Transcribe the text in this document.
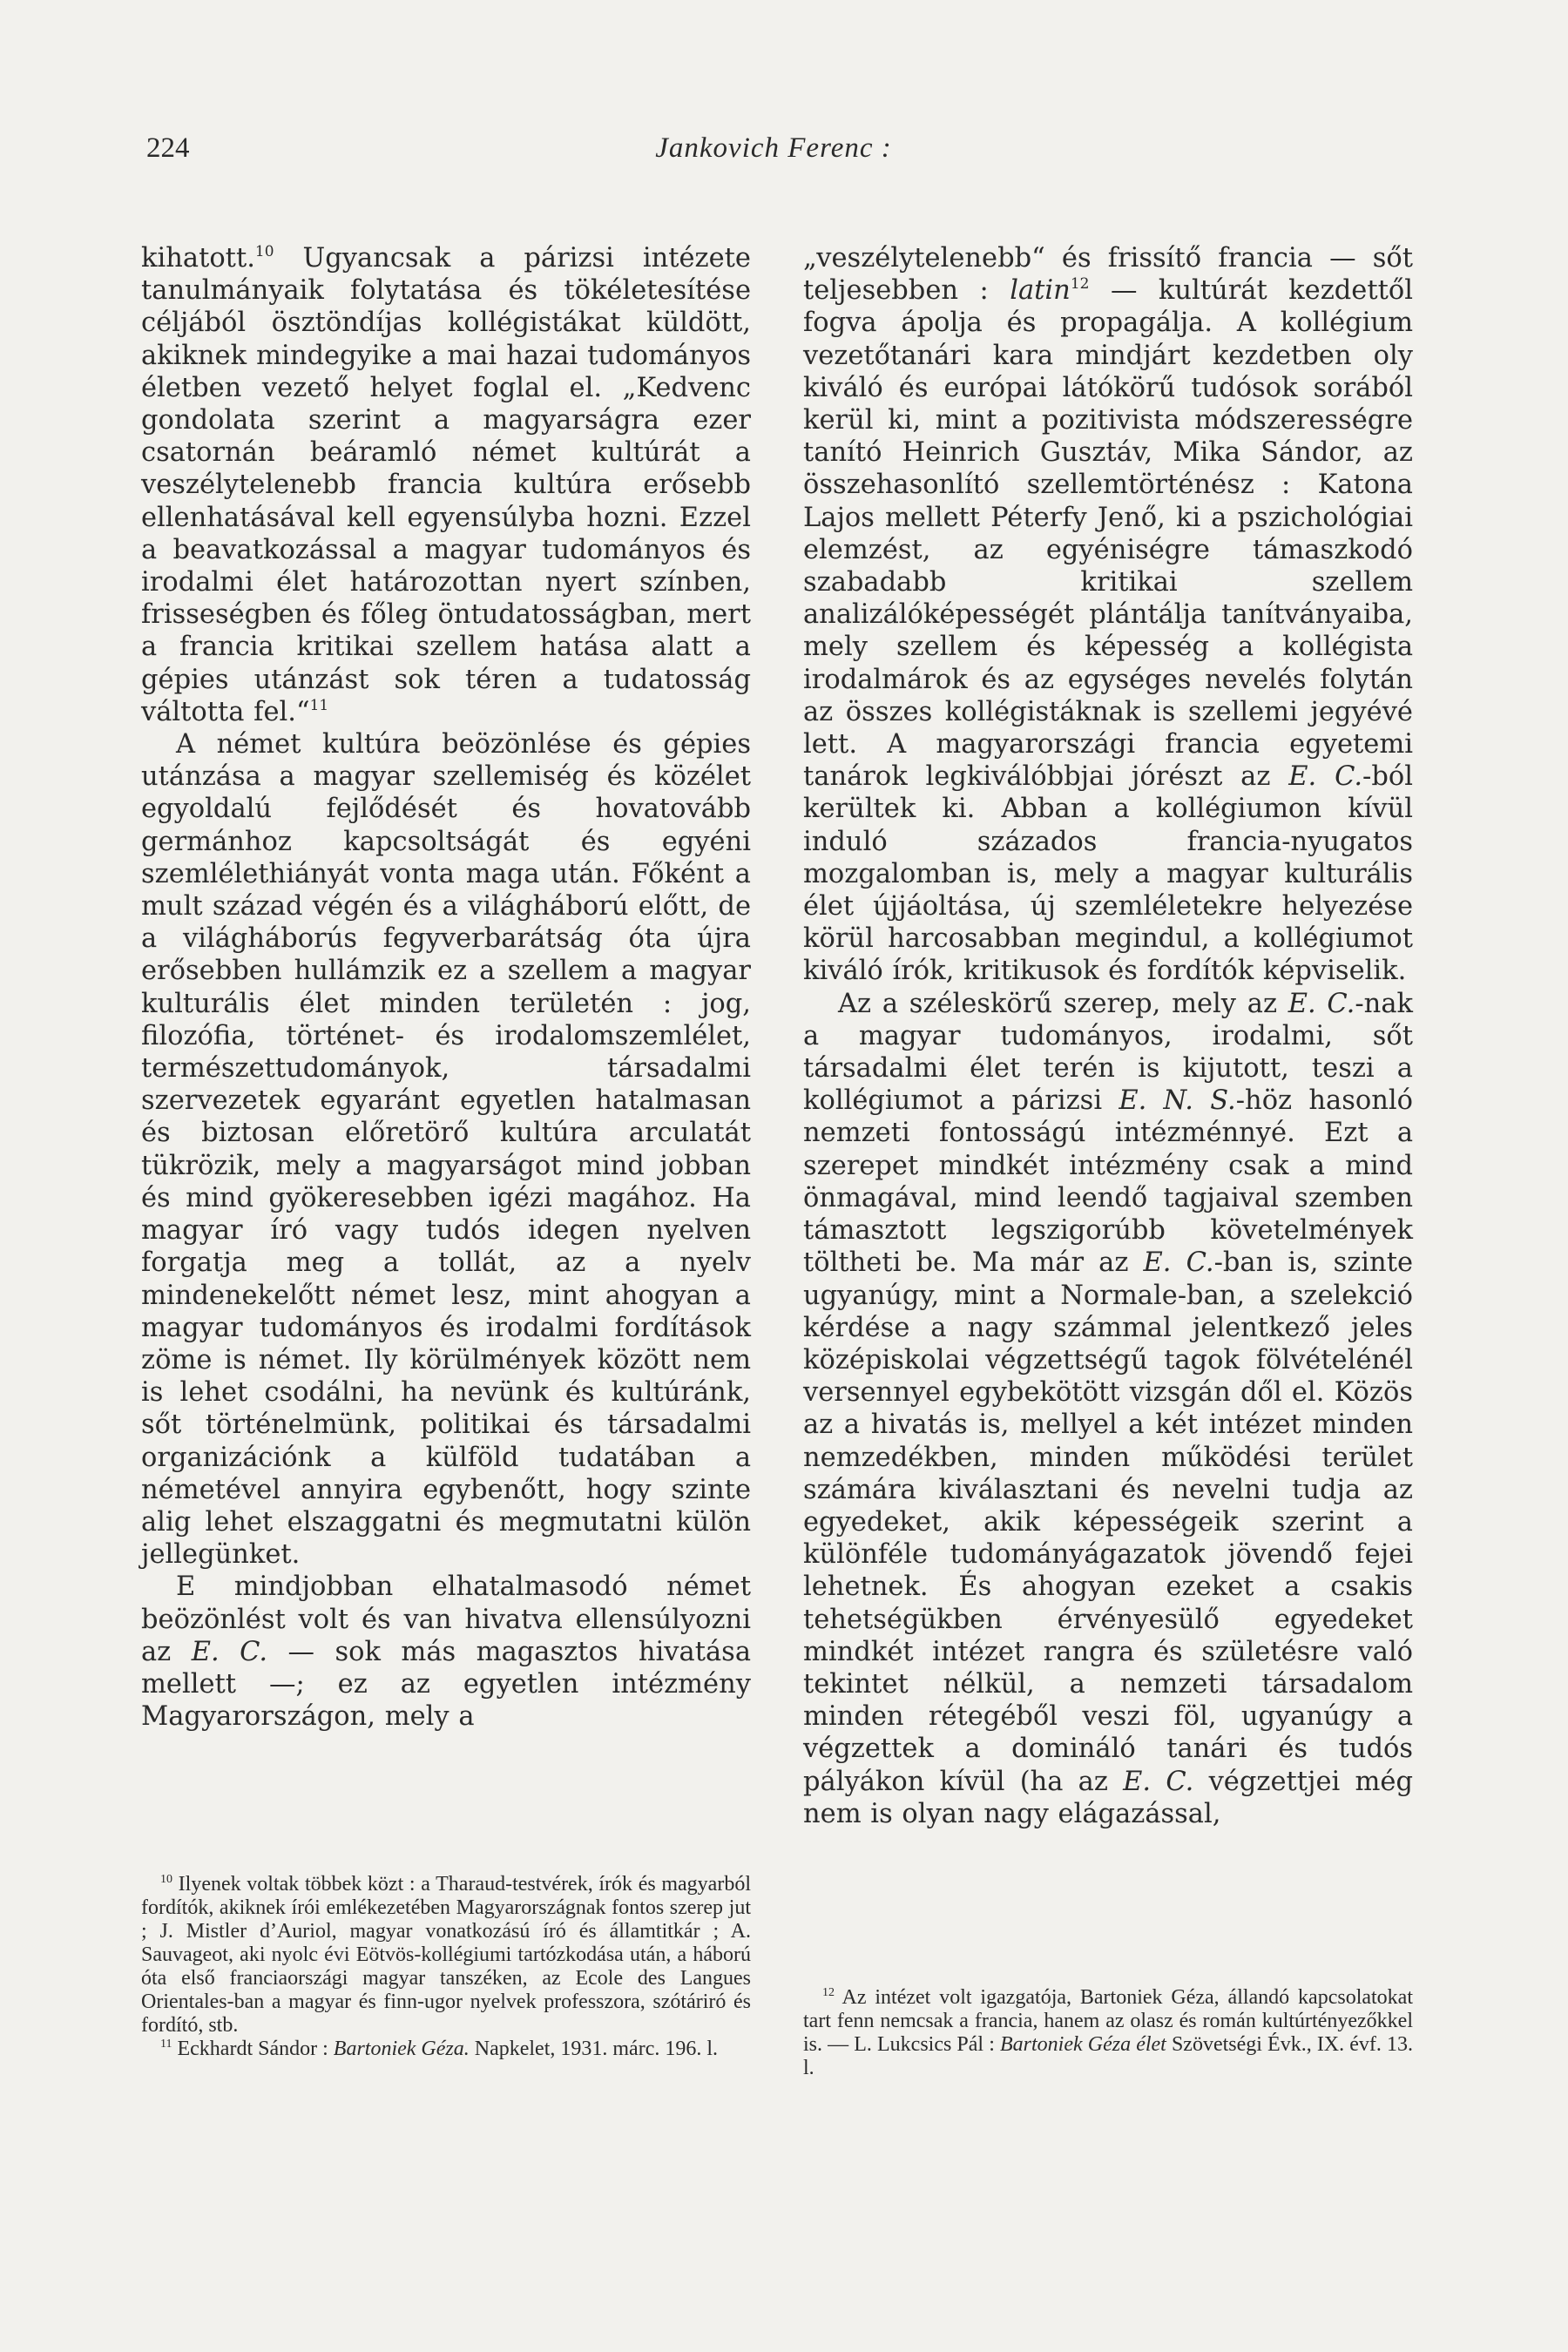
224	Jankovich Ferenc :

kihatott.$^{10}$ Ugyancsak a párizsi intézete tanulmányaik folytatása és tökéletesítése céljából ösztöndíjas kollégistákat küldött, akiknek mindegyike a mai hazai tudományos életben vezető helyet foglal el. „Kedvenc gondolata szerint a magyarságra ezer csatornán beáramló német kultúrát a veszélytelenebb francia kultúra erősebb ellenhatásával kell egyensúlyba hozni. Ezzel a beavatkozással a magyar tudományos és irodalmi élet határozottan nyert színben, frisseségben és főleg öntudatosságban, mert a francia kritikai szellem hatása alatt a gépies utánzást sok téren a tudatosság váltotta fel.“$^{11}$

A német kultúra beözönlése és gépies utánzása a magyar szellemiség és közélet egyoldalú fejlődését és hovatovább germánhoz kapcsoltságát és egyéni szemlélethiányát vonta maga után. Főként a mult század végén és a világháború előtt, de a világháborús fegyverbarátság óta újra erősebben hullámzik ez a szellem a magyar kulturális élet minden területén : jog, filozófia, történet- és irodalomszemlélet, természettudományok, társadalmi szervezetek egyaránt egyetlen hatalmasan és biztosan előretörő kultúra arculatát tükrözik, mely a magyarságot mind jobban és mind gyökeresebben igézi magához. Ha magyar író vagy tudós idegen nyelven forgatja meg a tollát, az a nyelv mindenekelőtt német lesz, mint ahogyan a magyar tudományos és irodalmi fordítások zöme is német. Ily körülmények között nem is lehet csodálni, ha nevünk és kultúránk, sőt történelmünk, politikai és társadalmi organizációnk a külföld tudatában a németével annyira egybenőtt, hogy szinte alig lehet elszaggatni és megmutatni külön jellegünket.

E mindjobban elhatalmasodó német beözönlést volt és van hivatva ellensúlyozni az E. C. — sok más magasztos hivatása mellett —; ez az egyetlen intézmény Magyarországon, mely a

„veszélytelenebb“ és frissítő francia — sőt teljesebben : latin$^{12}$ — kultúrát kezdettől fogva ápolja és propagálja. A kollégium vezetőtanári kara mindjárt kezdetben oly kiváló és európai látókörű tudósok sorából kerül ki, mint a pozitivista módszerességre tanító Heinrich Gusztáv, Mika Sándor, az összehasonlító szellemtörténész : Katona Lajos mellett Péterfy Jenő, ki a pszichológiai elemzést, az egyéniségre támaszkodó szabadabb kritikai szellem analizálóképességét plántálja tanítványaiba, mely szellem és képesség a kollégista irodalmárok és az egységes nevelés folytán az összes kollégistáknak is szellemi jegyévé lett. A magyarországi francia egyetemi tanárok legkiválóbbjai jórészt az E. C.-ból kerültek ki. Abban a kollégiumon kívül induló százados francia-nyugatos mozgalomban is, mely a magyar kulturális élet újjáoltása, új szemléletekre helyezése körül harcosabban megindul, a kollégiumot kiváló írók, kritikusok és fordítók képviselik.

Az a széleskörű szerep, mely az E. C.-nak a magyar tudományos, irodalmi, sőt társadalmi élet terén is kijutott, teszi a kollégiumot a párizsi E. N. S.-höz hasonló nemzeti fontosságú intézménnyé. Ezt a szerepet mindkét intézmény csak a mind önmagával, mind leendő tagjaival szemben támasztott legszigorúbb követelmények töltheti be. Ma már az E. C.-ban is, szinte ugyanúgy, mint a Normale-ban, a szelekció kérdése a nagy számmal jelentkező jeles középiskolai végzettségű tagok fölvételénél versennyel egybekötött vizsgán dől el. Közös az a hivatás is, mellyel a két intézet minden nemzedékben, minden működési terület számára kiválasztani és nevelni tudja az egyedeket, akik képességeik szerint a különféle tudományágazatok jövendő fejei lehetnek. És ahogyan ezeket a csakis tehetségükben érvényesülő egyedeket mindkét intézet rangra és születésre való tekintet nélkül, a nemzeti társadalom minden rétegéből veszi föl, ugyanúgy a végzettek a domináló tanári és tudós pályákon kívül (ha az E. C. végzettjei még nem is olyan nagy elágazással,

$^{10}$ Ilyenek voltak többek közt : a Tharaud-testvérek, írók és magyarból fordítók, akiknek írói emlékezetében Magyarországnak fontos szerep jut ; J. Mistler d’Auriol, magyar vonatkozású író és államtitkár ; A. Sauvageot, aki nyolc évi Eötvös-kollégiumi tartózkodása után, a háború óta első franciaországi magyar tanszéken, az Ecole des Langues Orientales-ban a magyar és finn-ugor nyelvek professzora, szótáriró és fordító, stb.

$^{11}$ Eckhardt Sándor : Bartoniek Géza. Napkelet, 1931. márc. 196. l.

$^{12}$ Az intézet volt igazgatója, Bartoniek Géza, állandó kapcsolatokat tart fenn nemcsak a franciа, hanem az olasz és román kultúrtényezőkkel is. — L. Lukcsics Pál : Bartoniek Géza élet Szövetségi Évk., IX. évf. 13. l.
